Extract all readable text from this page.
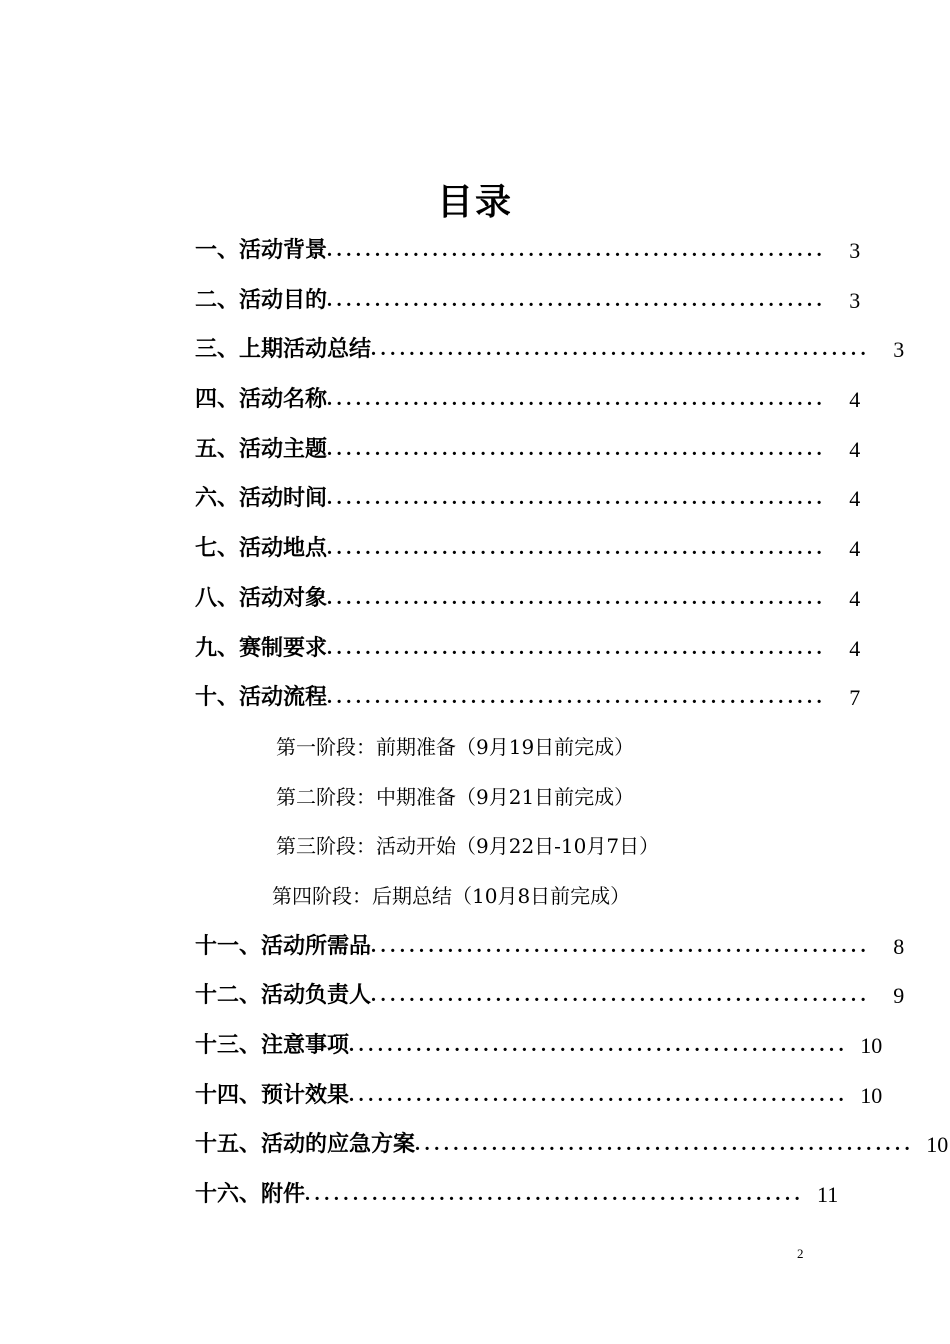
目录
一、活动背景 ....................................................	3
二、活动目的 ....................................................	3
三、上期活动总结 ....................................................	3
四、活动名称 ....................................................	4
五、活动主题 ....................................................	4
六、活动时间 ....................................................	4
七、活动地点 ....................................................	4
八、活动对象 ....................................................	4
九、赛制要求 ....................................................	4
十、活动流程 ....................................................	7
第一阶段：前期准备（9月19日前完成）
第二阶段：中期准备（9月21日前完成）
第三阶段：活动开始（9月22日-10月7日）
第四阶段：后期总结（10月8日前完成）
十一、活动所需品 ....................................................	8
十二、活动负责人 ....................................................	9
十三、注意事项 .................................................... 10
十四、预计效果 .................................................... 10
十五、活动的应急方案 .................................................... 10
十六、附件 .................................................... 11
2
